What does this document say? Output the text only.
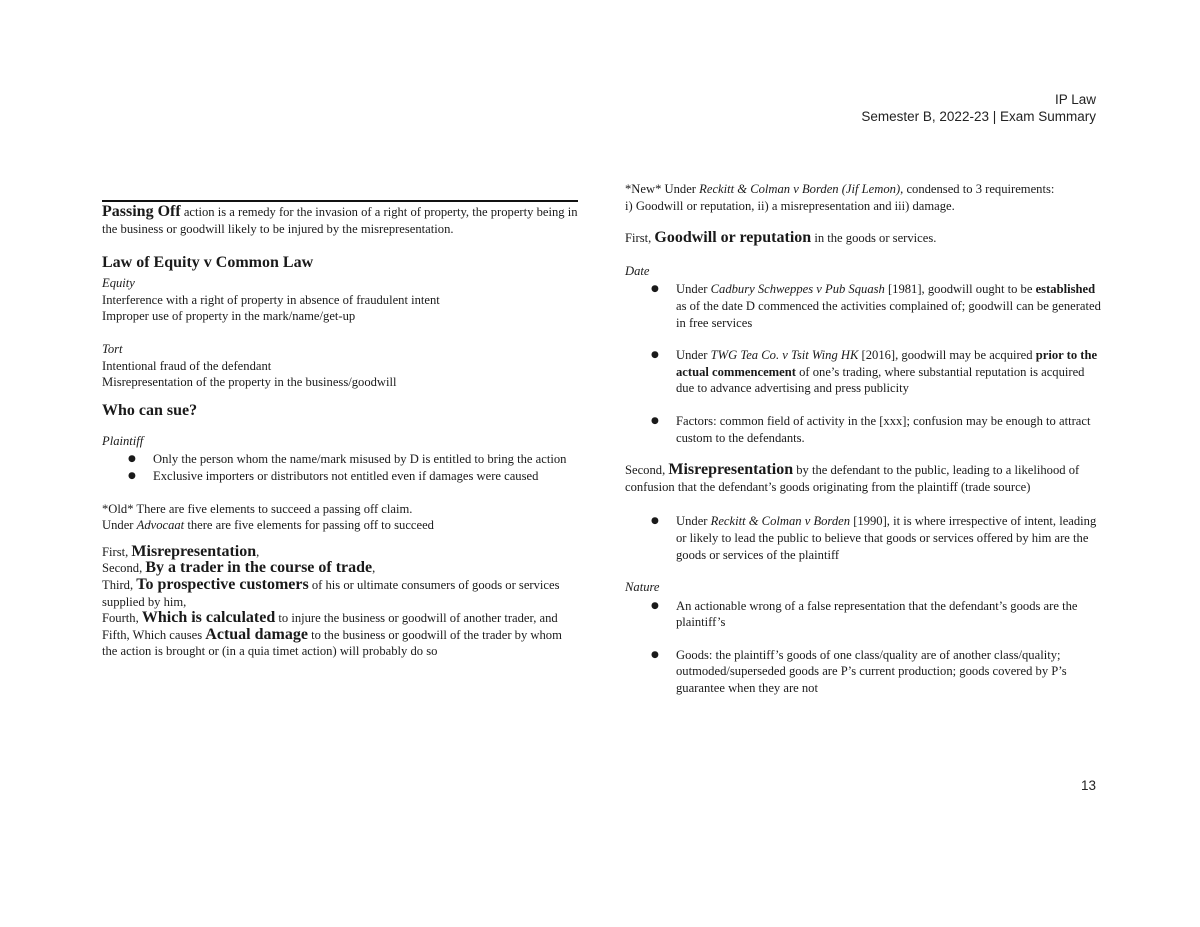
IP Law
Semester B, 2022-23 | Exam Summary

Passing Off action is a remedy for the invasion of a right of property, the property being in the business or goodwill likely to be injured by the misrepresentation.

Law of Equity v Common Law

Equity

Interference with a right of property in absence of fraudulent intent

Improper use of property in the mark/name/get-up

Tort

Intentional fraud of the defendant

Misrepresentation of the property in the business/goodwill

Who can sue?

Plaintiff

● Only the person whom the name/mark misused by D is entitled to bring the action
● Exclusive importers or distributors not entitled even if damages were caused

*Old* There are five elements to succeed a passing off claim.

Under Advocaat there are five elements for passing off to succeed

First, Misrepresentation,

Second, By a trader in the course of trade,

Third, To prospective customers of his or ultimate consumers of goods or services supplied by him,

Fourth, Which is calculated to injure the business or goodwill of another trader, and

Fifth, Which causes Actual damage to the business or goodwill of the trader by whom the action is brought or (in a quia timet action) will probably do so

*New* Under Reckitt & Colman v Borden (Jif Lemon), condensed to 3 requirements:

i) Goodwill or reputation, ii) a misrepresentation and iii) damage.

First, Goodwill or reputation in the goods or services.

Date

● Under Cadbury Schweppes v Pub Squash [1981], goodwill ought to be established as of the date D commenced the activities complained of; goodwill can be generated in free services
● Under TWG Tea Co. v Tsit Wing HK [2016], goodwill may be acquired prior to the actual commencement of one’s trading, where substantial reputation is acquired due to advance advertising and press publicity
● Factors: common field of activity in the [xxx]; confusion may be enough to attract custom to the defendants.

Second, Misrepresentation by the defendant to the public, leading to a likelihood of confusion that the defendant’s goods originating from the plaintiff (trade source)

● Under Reckitt & Colman v Borden [1990], it is where irrespective of intent, leading or likely to lead the public to believe that goods or services offered by him are the goods or services of the plaintiff

Nature

● An actionable wrong of a false representation that the defendant’s goods are the plaintiff’s
● Goods: the plaintiff’s goods of one class/quality are of another class/quality; outmoded/superseded goods are P’s current production; goods covered by P’s guarantee when they are not
13
